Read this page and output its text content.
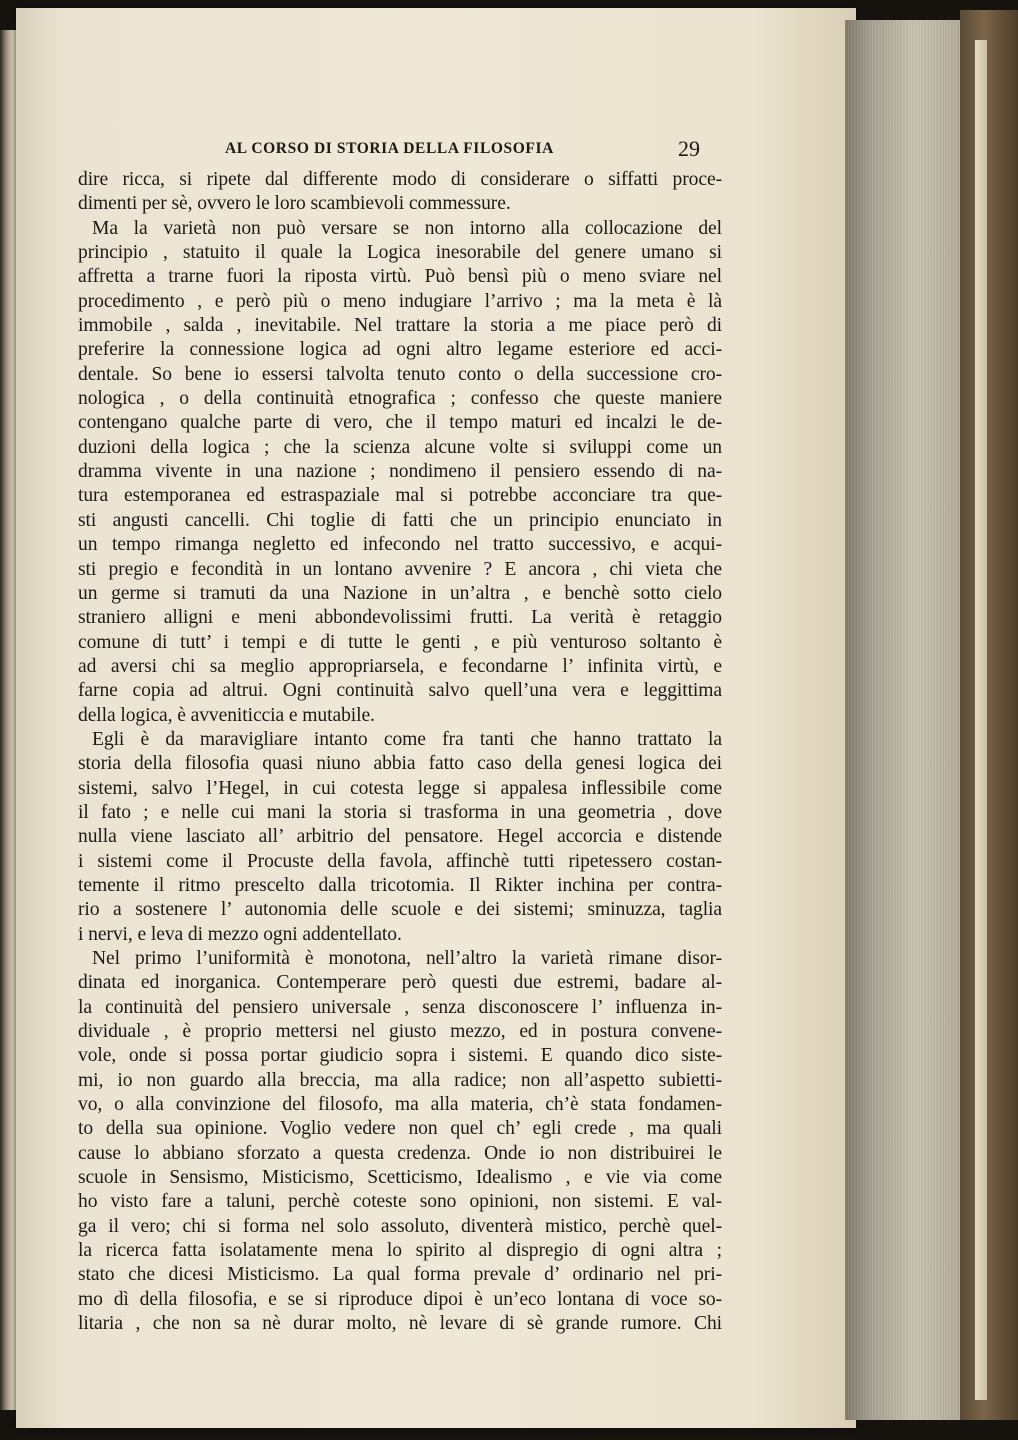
AL CORSO DI STORIA DELLA FILOSOFIA	29
dire ricca, si ripete dal differente modo di considerare o siffatti proce-
dimenti per sè, ovvero le loro scambievoli commessure.
Ma la varietà non può versare se non intorno alla collocazione del
principio , statuito il quale la Logica inesorabile del genere umano si
affretta a trarne fuori la riposta virtù. Può bensì più o meno sviare nel
procedimento , e però più o meno indugiare l’arrivo ; ma la meta è là
immobile , salda , inevitabile. Nel trattare la storia a me piace però di
preferire la connessione logica ad ogni altro legame esteriore ed acci-
dentale. So bene io essersi talvolta tenuto conto o della successione cro-
nologica , o della continuità etnografica ; confesso che queste maniere
contengano qualche parte di vero, che il tempo maturi ed incalzi le de-
duzioni della logica ; che la scienza alcune volte si sviluppi come un
dramma vivente in una nazione ; nondimeno il pensiero essendo di na-
tura estemporanea ed estraspaziale mal si potrebbe acconciare tra que-
sti angusti cancelli. Chi toglie di fatti che un principio enunciato in
un tempo rimanga negletto ed infecondo nel tratto successivo, e acqui-
sti pregio e fecondità in un lontano avvenire ? E ancora , chi vieta che
un germe si tramuti da una Nazione in un’altra , e benchè sotto cielo
straniero alligni e meni abbondevolissimi frutti. La verità è retaggio
comune di tutt’ i tempi e di tutte le genti , e più venturoso soltanto è
ad aversi chi sa meglio appropriarsela, e fecondarne l’ infinita virtù, e
farne copia ad altrui. Ogni continuità salvo quell’una vera e leggittima
della logica, è avveniticcia e mutabile.
Egli è da maravigliare intanto come fra tanti che hanno trattato la
storia della filosofia quasi niuno abbia fatto caso della genesi logica dei
sistemi, salvo l’Hegel, in cui cotesta legge si appalesa inflessibile come
il fato ; e nelle cui mani la storia si trasforma in una geometria , dove
nulla viene lasciato all’ arbitrio del pensatore. Hegel accorcia e distende
i sistemi come il Procuste della favola, affinchè tutti ripetessero costan-
temente il ritmo prescelto dalla tricotomia. Il Rikter inchina per contra-
rio a sostenere l’ autonomia delle scuole e dei sistemi; sminuzza, taglia
i nervi, e leva di mezzo ogni addentellato.
Nel primo l’uniformità è monotona, nell’altro la varietà rimane disor-
dinata ed inorganica. Contemperare però questi due estremi, badare al-
la continuità del pensiero universale , senza disconoscere l’ influenza in-
dividuale , è proprio mettersi nel giusto mezzo, ed in postura convene-
vole, onde si possa portar giudicio sopra i sistemi. E quando dico siste-
mi, io non guardo alla breccia, ma alla radice; non all’aspetto subietti-
vo, o alla convinzione del filosofo, ma alla materia, ch’è stata fondamen-
to della sua opinione. Voglio vedere non quel ch’ egli crede , ma quali
cause lo abbiano sforzato a questa credenza. Onde io non distribuirei le
scuole in Sensismo, Misticismo, Scetticismo, Idealismo , e vie via come
ho visto fare a taluni, perchè coteste sono opinioni, non sistemi. E val-
ga il vero; chi si forma nel solo assoluto, diventerà mistico, perchè quel-
la ricerca fatta isolatamente mena lo spirito al dispregio di ogni altra ;
stato che dicesi Misticismo. La qual forma prevale d’ ordinario nel pri-
mo dì della filosofia, e se si riproduce dipoi è un’eco lontana di voce so-
litaria , che non sa nè durar molto, nè levare di sè grande rumore. Chi
